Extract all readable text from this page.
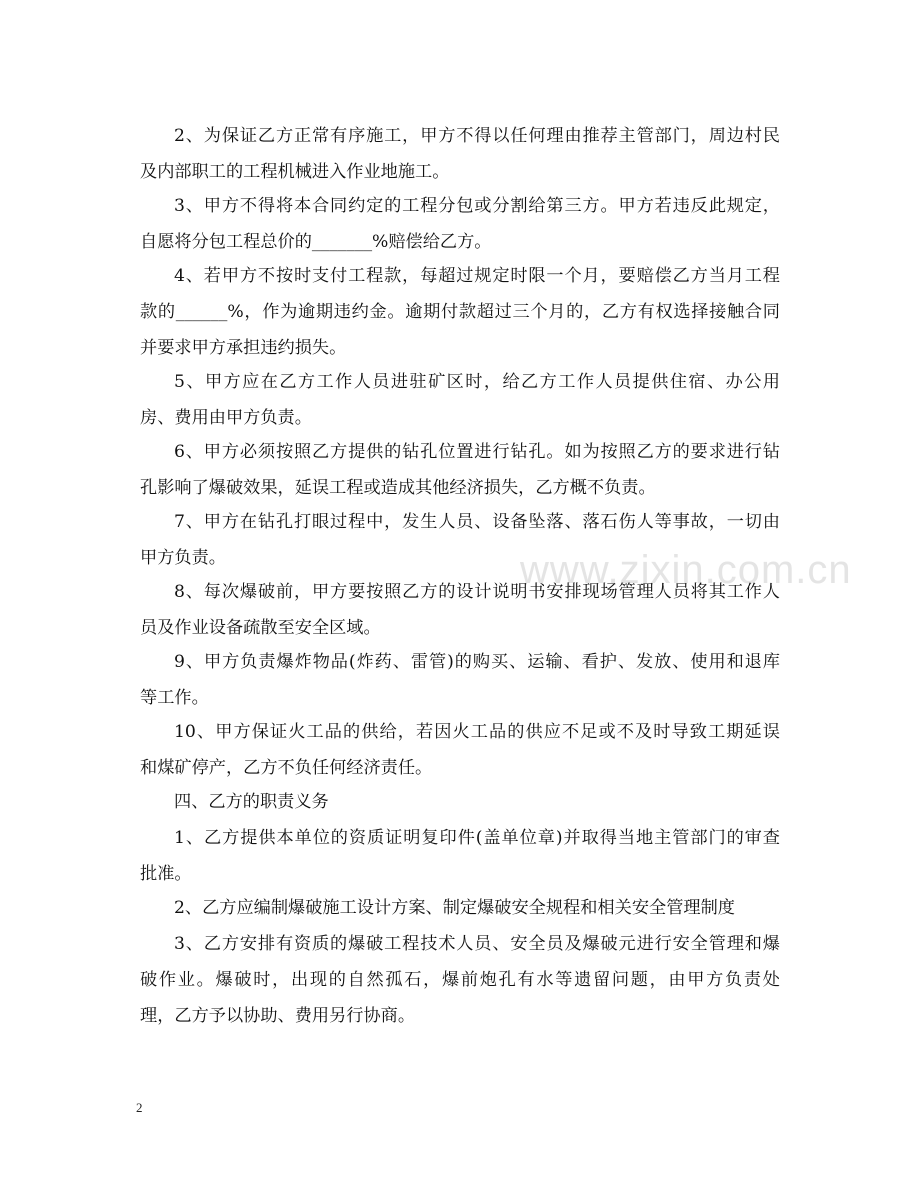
www.zixin.com.cn
2、为保证乙方正常有序施工，甲方不得以任何理由推荐主管部门，周边村民
及内部职工的工程机械进入作业地施工。
3、甲方不得将本合同约定的工程分包或分割给第三方。甲方若违反此规定，
自愿将分包工程总价的_______%赔偿给乙方。
4、若甲方不按时支付工程款，每超过规定时限一个月，要赔偿乙方当月工程
款的______%，作为逾期违约金。逾期付款超过三个月的，乙方有权选择接触合同
并要求甲方承担违约损失。
5、甲方应在乙方工作人员进驻矿区时，给乙方工作人员提供住宿、办公用
房、费用由甲方负责。
6、甲方必须按照乙方提供的钻孔位置进行钻孔。如为按照乙方的要求进行钻
孔影响了爆破效果，延误工程或造成其他经济损失，乙方概不负责。
7、甲方在钻孔打眼过程中，发生人员、设备坠落、落石伤人等事故，一切由
甲方负责。
8、每次爆破前，甲方要按照乙方的设计说明书安排现场管理人员将其工作人
员及作业设备疏散至安全区域。
9、甲方负责爆炸物品(炸药、雷管)的购买、运输、看护、发放、使用和退库
等工作。
10、甲方保证火工品的供给，若因火工品的供应不足或不及时导致工期延误
和煤矿停产，乙方不负任何经济责任。
四、乙方的职责义务
1、乙方提供本单位的资质证明复印件(盖单位章)并取得当地主管部门的审查
批准。
2、乙方应编制爆破施工设计方案、制定爆破安全规程和相关安全管理制度
3、乙方安排有资质的爆破工程技术人员、安全员及爆破元进行安全管理和爆
破作业。爆破时，出现的自然孤石，爆前炮孔有水等遗留问题，由甲方负责处
理，乙方予以协助、费用另行协商。
2
